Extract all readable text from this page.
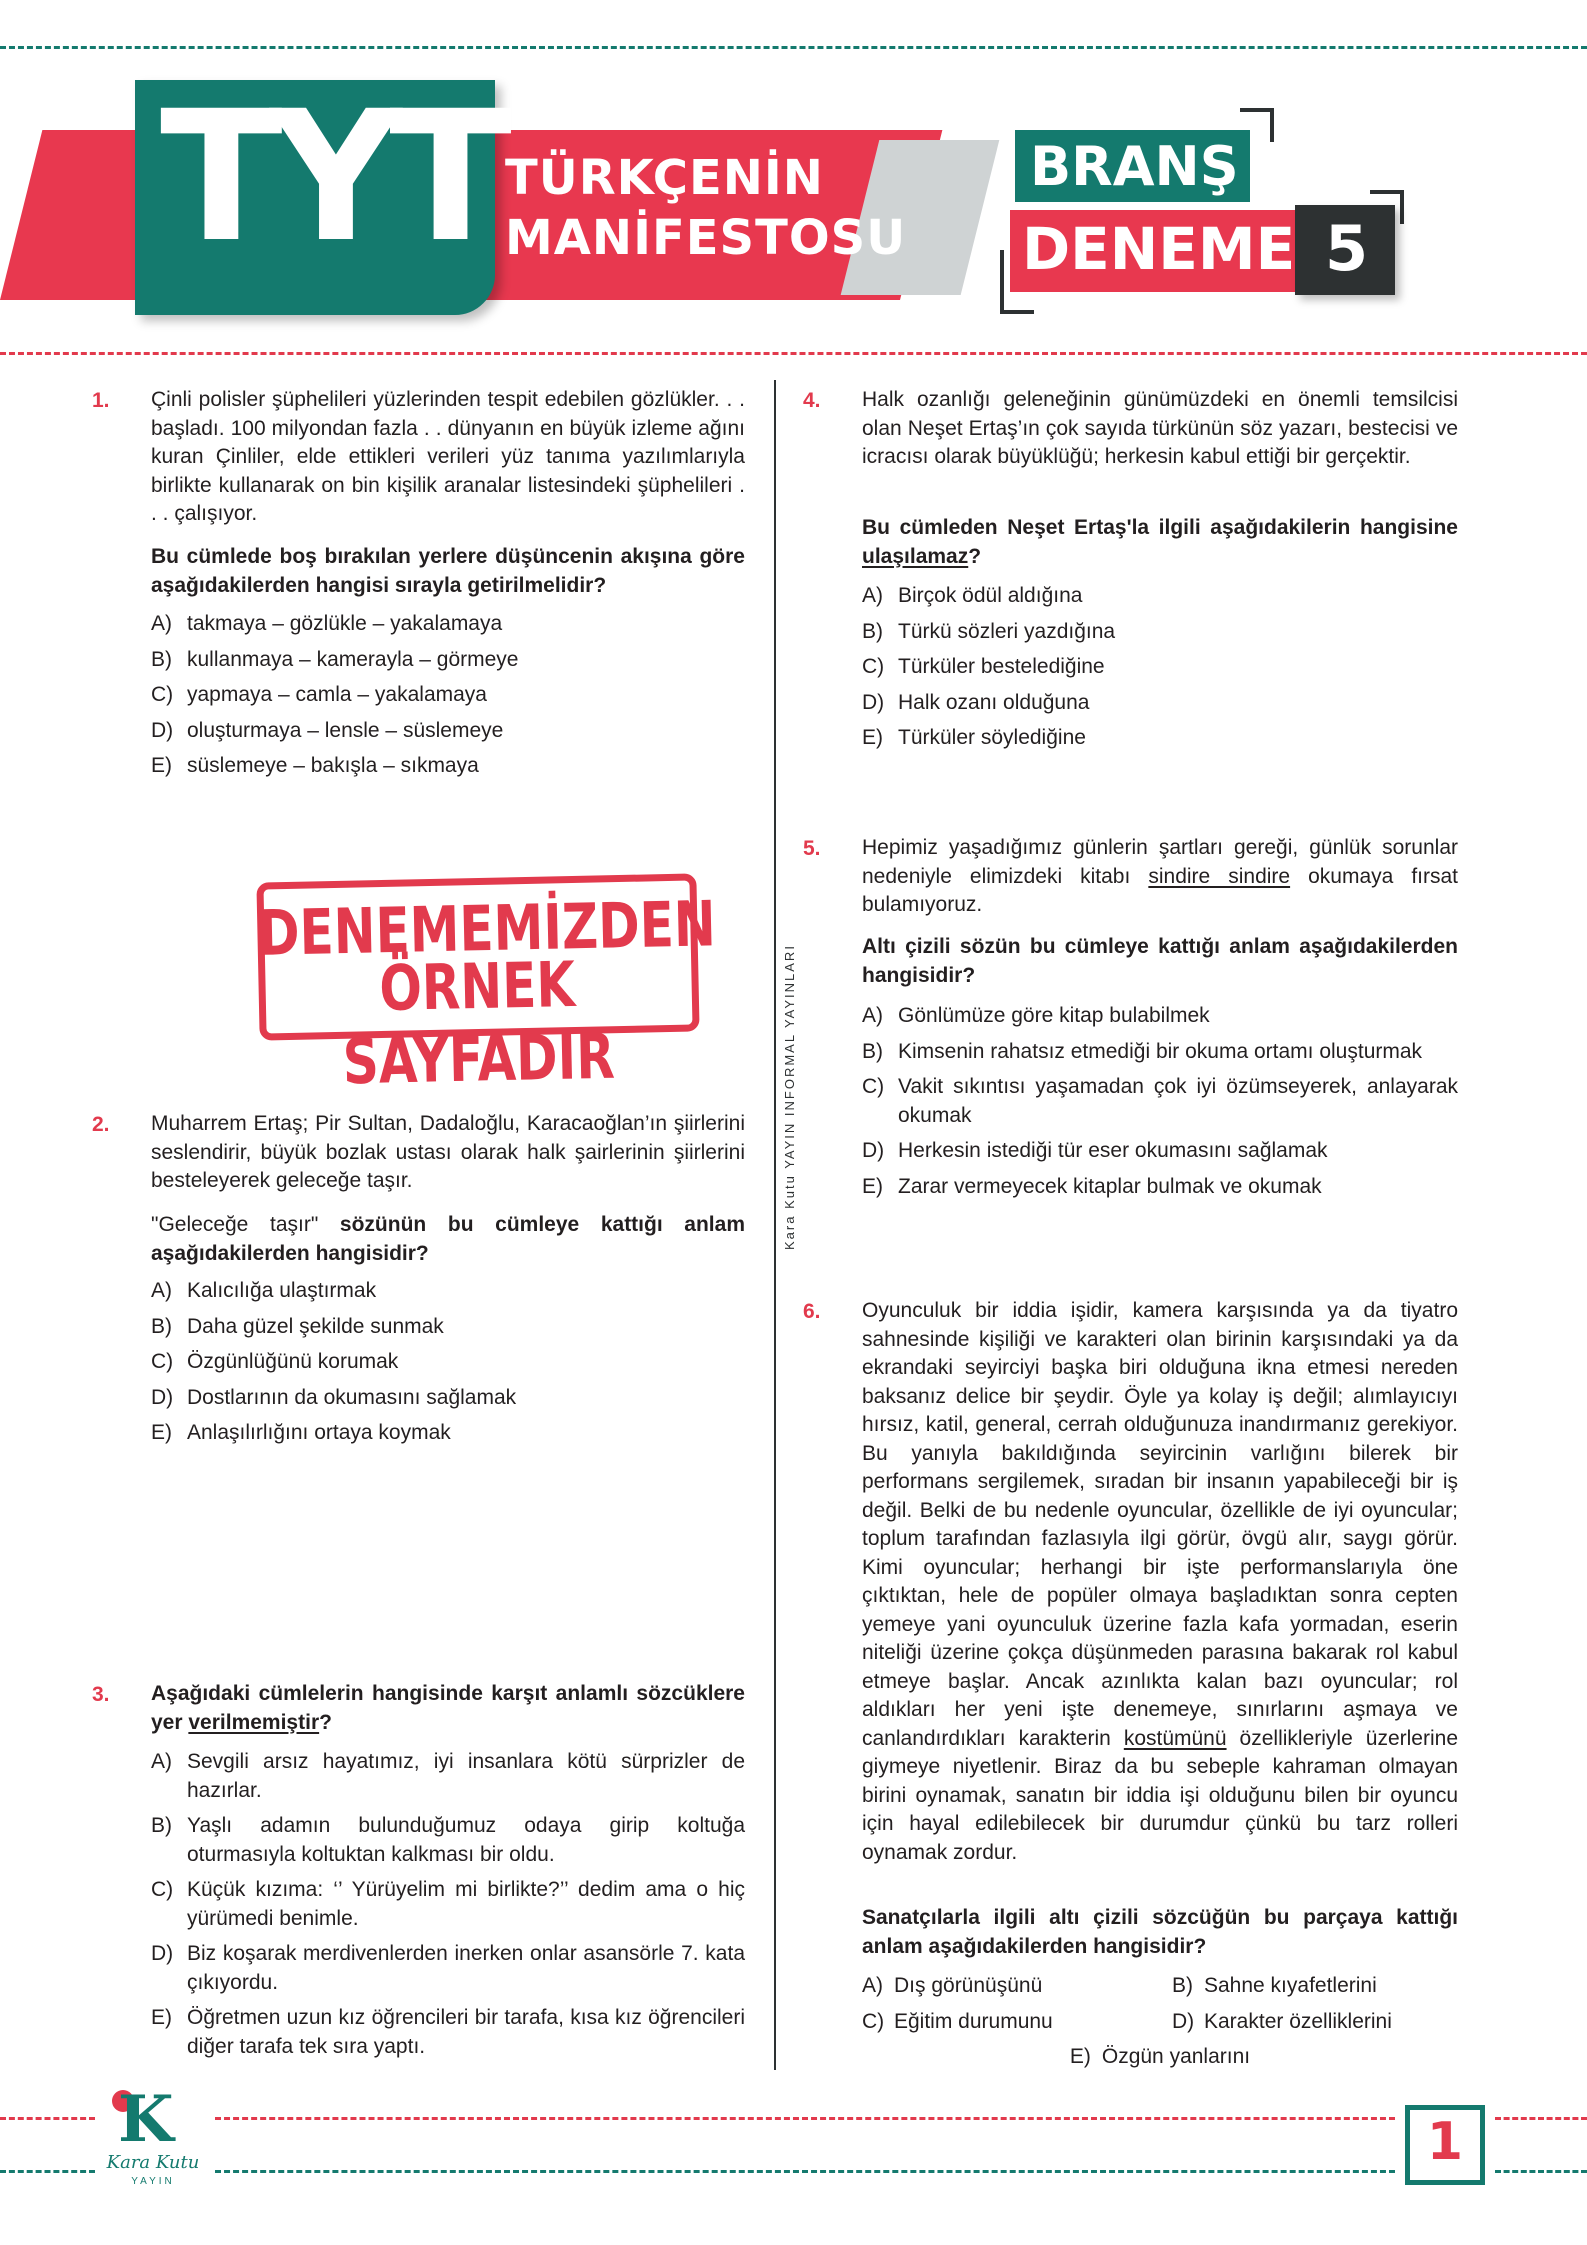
TYT TÜRKÇENİN
MANİFESTOSU
BRANŞ
DENEME 5
Kara Kutu YAYIN INFORMAL YAYINLARI
1. Çinli polisler şüphelileri yüzlerinden tespit edebilen gözlükler. . . başladı. 100 milyondan fazla . . dünyanın en büyük izleme ağını kuran Çinliler, elde ettikleri verileri yüz tanıma yazılımlarıyla birlikte kullanarak on bin kişilik aranalar listesindeki şüphelileri . . . çalışıyor.
Bu cümlede boş bırakılan yerlere düşüncenin akışına göre aşağıdakilerden hangisi sırayla getirilmelidir?
A) takmaya – gözlükle – yakalamaya
B) kullanmaya – kamerayla – görmeye
C) yapmaya – camla – yakalamaya
D) oluşturmaya – lensle – süslemeye
E) süslemeye – bakışla – sıkmaya
DENEMEMİZDEN
ÖRNEK SAYFADIR
2. Muharrem Ertaş; Pir Sultan, Dadaloğlu, Karacaoğlan’ın şiirlerini seslendirir, büyük bozlak ustası olarak halk şairlerinin şiirlerini besteleyerek geleceğe taşır.
"Geleceğe taşır" sözünün bu cümleye kattığı anlam aşağıdakilerden hangisidir?
A) Kalıcılığa ulaştırmak
B) Daha güzel şekilde sunmak
C) Özgünlüğünü korumak
D) Dostlarının da okumasını sağlamak
E) Anlaşılırlığını ortaya koymak
3. Aşağıdaki cümlelerin hangisinde karşıt anlamlı sözcüklere yer verilmemiştir?
A) Sevgili arsız hayatımız, iyi insanlara kötü sürprizler de hazırlar.
B) Yaşlı adamın bulunduğumuz odaya girip koltuğa oturmasıyla koltuktan kalkması bir oldu.
C) Küçük kızıma: ‘’ Yürüyelim mi birlikte?’’ dedim ama o hiç yürümedi benimle.
D) Biz koşarak merdivenlerden inerken onlar asansörle 7. kata çıkıyordu.
E) Öğretmen uzun kız öğrencileri bir tarafa, kısa kız öğrencileri diğer tarafa tek sıra yaptı.
4. Halk ozanlığı geleneğinin günümüzdeki en önemli temsilcisi olan Neşet Ertaş’ın çok sayıda türkünün söz yazarı, bestecisi ve icracısı olarak büyüklüğü; herkesin kabul ettiği bir gerçektir.
Bu cümleden Neşet Ertaş'la ilgili aşağıdakilerin hangisine ulaşılamaz?
A) Birçok ödül aldığına
B) Türkü sözleri yazdığına
C) Türküler bestelediğine
D) Halk ozanı olduğuna
E) Türküler söylediğine
5. Hepimiz yaşadığımız günlerin şartları gereği, günlük sorunlar nedeniyle elimizdeki kitabı sindire sindire okumaya fırsat bulamıyoruz.
Altı çizili sözün bu cümleye kattığı anlam aşağıdakilerden hangisidir?
A) Gönlümüze göre kitap bulabilmek
B) Kimsenin rahatsız etmediği bir okuma ortamı oluşturmak
C) Vakit sıkıntısı yaşamadan çok iyi özümseyerek, anlayarak okumak
D) Herkesin istediği tür eser okumasını sağlamak
E) Zarar vermeyecek kitaplar bulmak ve okumak
6. Oyunculuk bir iddia işidir, kamera karşısında ya da tiyatro sahnesinde kişiliği ve karakteri olan birinin karşısındaki ya da ekrandaki seyirciyi başka biri olduğuna ikna etmesi nereden baksanız delice bir şeydir. Öyle ya kolay iş değil; alımlayıcıyı hırsız, katil, general, cerrah olduğunuza inandırmanız gerekiyor. Bu yanıyla bakıldığında seyircinin varlığını bilerek bir performans sergilemek, sıradan bir insanın yapabileceği bir iş değil. Belki de bu nedenle oyuncular, özellikle de iyi oyuncular; toplum tarafından fazlasıyla ilgi görür, övgü alır, saygı görür. Kimi oyuncular; herhangi bir işte performanslarıyla öne çıktıktan, hele de popüler olmaya başladıktan sonra cepten yemeye yani oyunculuk üzerine fazla kafa yormadan, eserin niteliği üzerine çokça düşünmeden parasına bakarak rol kabul etmeye başlar. Ancak azınlıkta kalan bazı oyuncular; rol aldıkları her yeni işte denemeye, sınırlarını aşmaya ve canlandırdıkları karakterin kostümünü özellikleriyle üzerlerine giymeye niyetlenir. Biraz da bu sebeple kahraman olmayan birini oynamak, sanatın bir iddia işi olduğunu bilen bir oyuncu için hayal edilebilecek bir durumdur çünkü bu tarz rolleri oynamak zordur.
Sanatçılarla ilgili altı çizili sözcüğün bu parçaya kattığı anlam aşağıdakilerden hangisidir?
A) Dış görünüşünü	B) Sahne kıyafetlerini
C) Eğitim durumunu	D) Karakter özelliklerini
E) Özgün yanlarını
K
Kara Kutu
YAYIN
1
